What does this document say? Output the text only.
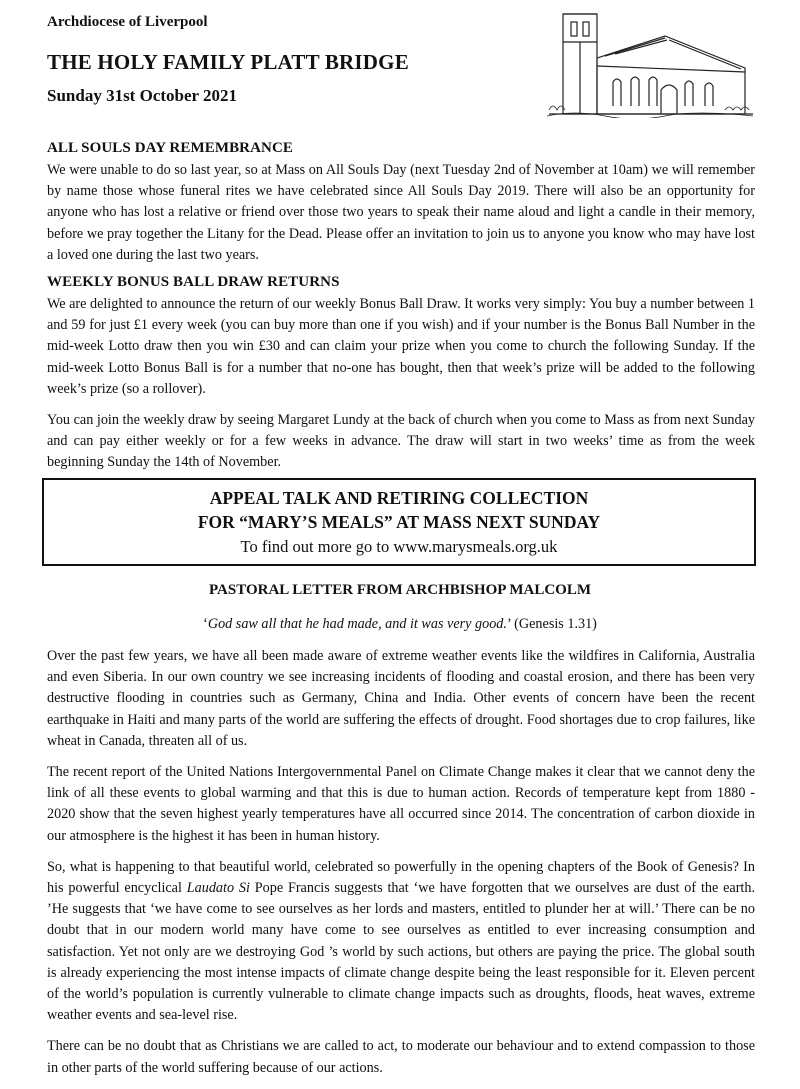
Archdiocese of Liverpool
THE HOLY FAMILY PLATT BRIDGE
Sunday 31st October 2021
ALL SOULS DAY REMEMBRANCE

We were unable to do so last year, so at Mass on All Souls Day (next Tuesday 2nd of November at 10am) we will remember by name those whose funeral rites we have celebrated since All Souls Day 2019. There will also be an opportunity for anyone who has lost a relative or friend over those two years to speak their name aloud and light a candle in their memory, before we pray together the Litany for the Dead. Please offer an invitation to join us to anyone you know who may have lost a loved one during the last two years.

WEEKLY BONUS BALL DRAW RETURNS

We are delighted to announce the return of our weekly Bonus Ball Draw. It works very simply: You buy a number between 1 and 59 for just £1 every week (you can buy more than one if you wish) and if your number is the Bonus Ball Number in the mid-week Lotto draw then you win £30 and can claim your prize when you come to church the following Sunday. If the mid-week Lotto Bonus Ball is for a number that no-one has bought, then that week’s prize will be added to the following week’s prize (so a rollover).

You can join the weekly draw by seeing Margaret Lundy at the back of church when you come to Mass as from next Sunday and can pay either weekly or for a few weeks in advance. The draw will start in two weeks’ time as from the week beginning Sunday the 14th of November.

APPEAL TALK AND RETIRING COLLECTION
FOR “MARY’S MEALS” AT MASS NEXT SUNDAY
To find out more go to www.marysmeals.org.uk
PASTORAL LETTER FROM ARCHBISHOP MALCOLM
‘God saw all that he had made, and it was very good.’ (Genesis 1.31)

Over the past few years, we have all been made aware of extreme weather events like the wildfires in California, Australia and even Siberia. In our own country we see increasing incidents of flooding and coastal erosion, and there has been very destructive flooding in countries such as Germany, China and India. Other events of concern have been the recent earthquake in Haiti and many parts of the world are suffering the effects of drought. Food shortages due to crop failures, like wheat in Canada, threaten all of us.

The recent report of the United Nations Intergovernmental Panel on Climate Change makes it clear that we cannot deny the link of all these events to global warming and that this is due to human action. Records of temperature kept from 1880 - 2020 show that the seven highest yearly temperatures have all occurred since 2014. The concentration of carbon dioxide in our atmosphere is the highest it has been in human history.

So, what is happening to that beautiful world, celebrated so powerfully in the opening chapters of the Book of Genesis? In his powerful encyclical Laudato Si Pope Francis suggests that ‘we have forgotten that we ourselves are dust of the earth. ’He suggests that ‘we have come to see ourselves as her lords and masters, entitled to plunder her at will.’ There can be no doubt that in our modern world many have come to see ourselves as entitled to ever increasing consumption and satisfaction. Yet not only are we destroying God ’s world by such actions, but others are paying the price. The global south is already experiencing the most intense impacts of climate change despite being the least responsible for it. Eleven percent of the world’s population is currently vulnerable to climate change impacts such as droughts, floods, heat waves, extreme weather events and sea-level rise.

There can be no doubt that as Christians we are called to act, to moderate our behaviour and to extend compassion to those in other parts of the world suffering because of our actions.
